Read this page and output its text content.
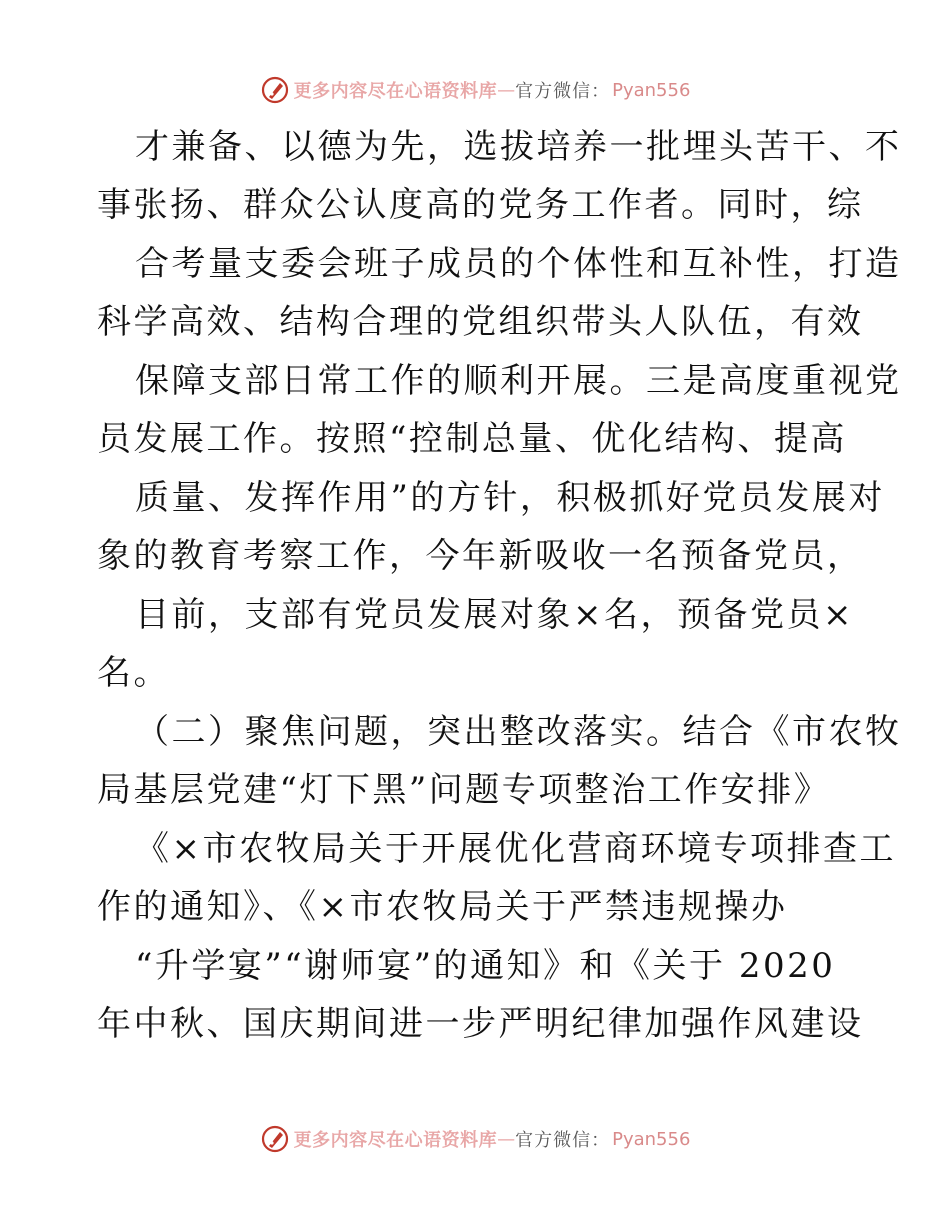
更多内容尽在心语资料库 — 官方微信： Pyan556
才兼备、以德为先，选拔培养一批埋头苦干、不
事张扬、群众公认度高的党务工作者。同时，综
合考量支委会班子成员的个体性和互补性，打造
科学高效、结构合理的党组织带头人队伍，有效
保障支部日常工作的顺利开展。三是高度重视党
员发展工作。按照“控制总量、优化结构、提高
质量、发挥作用”的方针，积极抓好党员发展对
象的教育考察工作，今年新吸收一名预备党员，
目前，支部有党员发展对象×名，预备党员×
名。
（二）聚焦问题，突出整改落实。结合《市农牧
局基层党建“灯下黑”问题专项整治工作安排》
《×市农牧局关于开展优化营商环境专项排查工
作的通知》、《×市农牧局关于严禁违规操办
“升学宴”“谢师宴”的通知》和《关于 2020
年中秋、国庆期间进一步严明纪律加强作风建设
更多内容尽在心语资料库 — 官方微信： Pyan556
